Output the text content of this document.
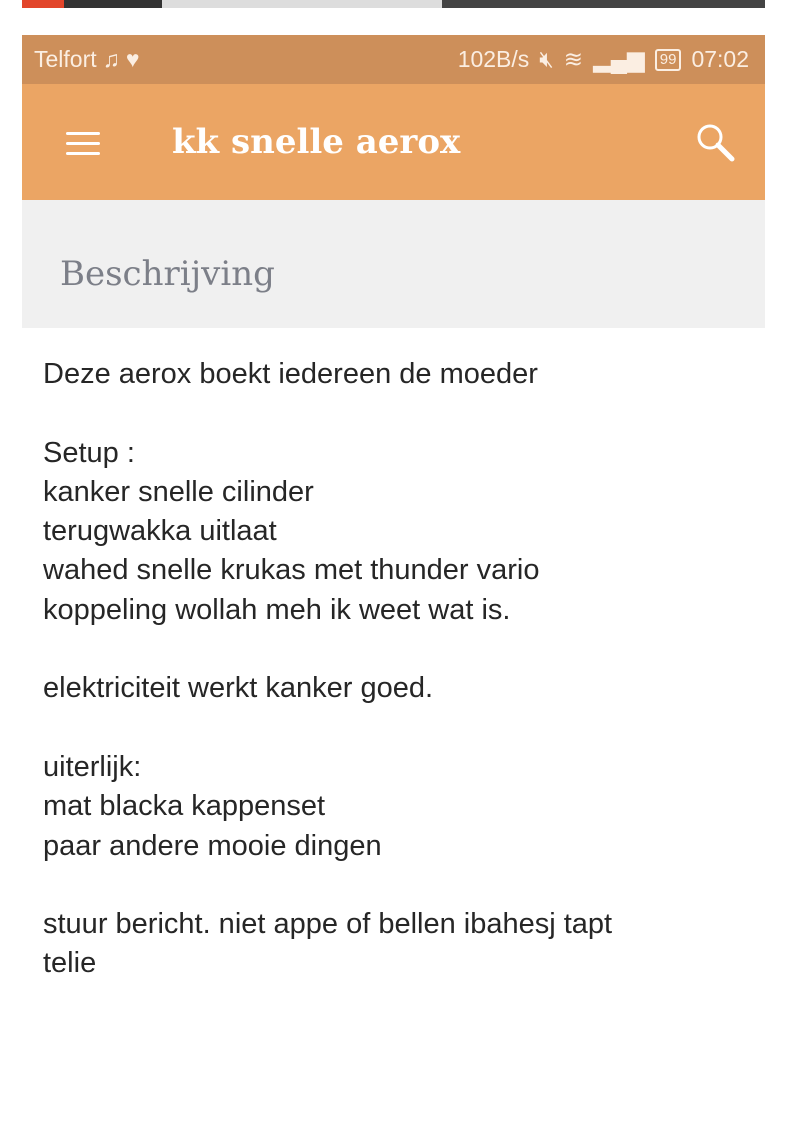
Telfort ♫ ♥	102B/s 🔇︎ ≋ ▂▄▆	99 07:02
kk snelle aerox
Beschrijving
Deze aerox boekt iedereen de moeder

Setup :
kanker snelle cilinder
terugwakka uitlaat
wahed snelle krukas met thunder vario
koppeling wollah meh ik weet wat is.

elektriciteit werkt kanker goed.

uiterlijk:
mat blacka kappenset
paar andere mooie dingen

stuur bericht. niet appe of bellen ibahesj tapt
telie
